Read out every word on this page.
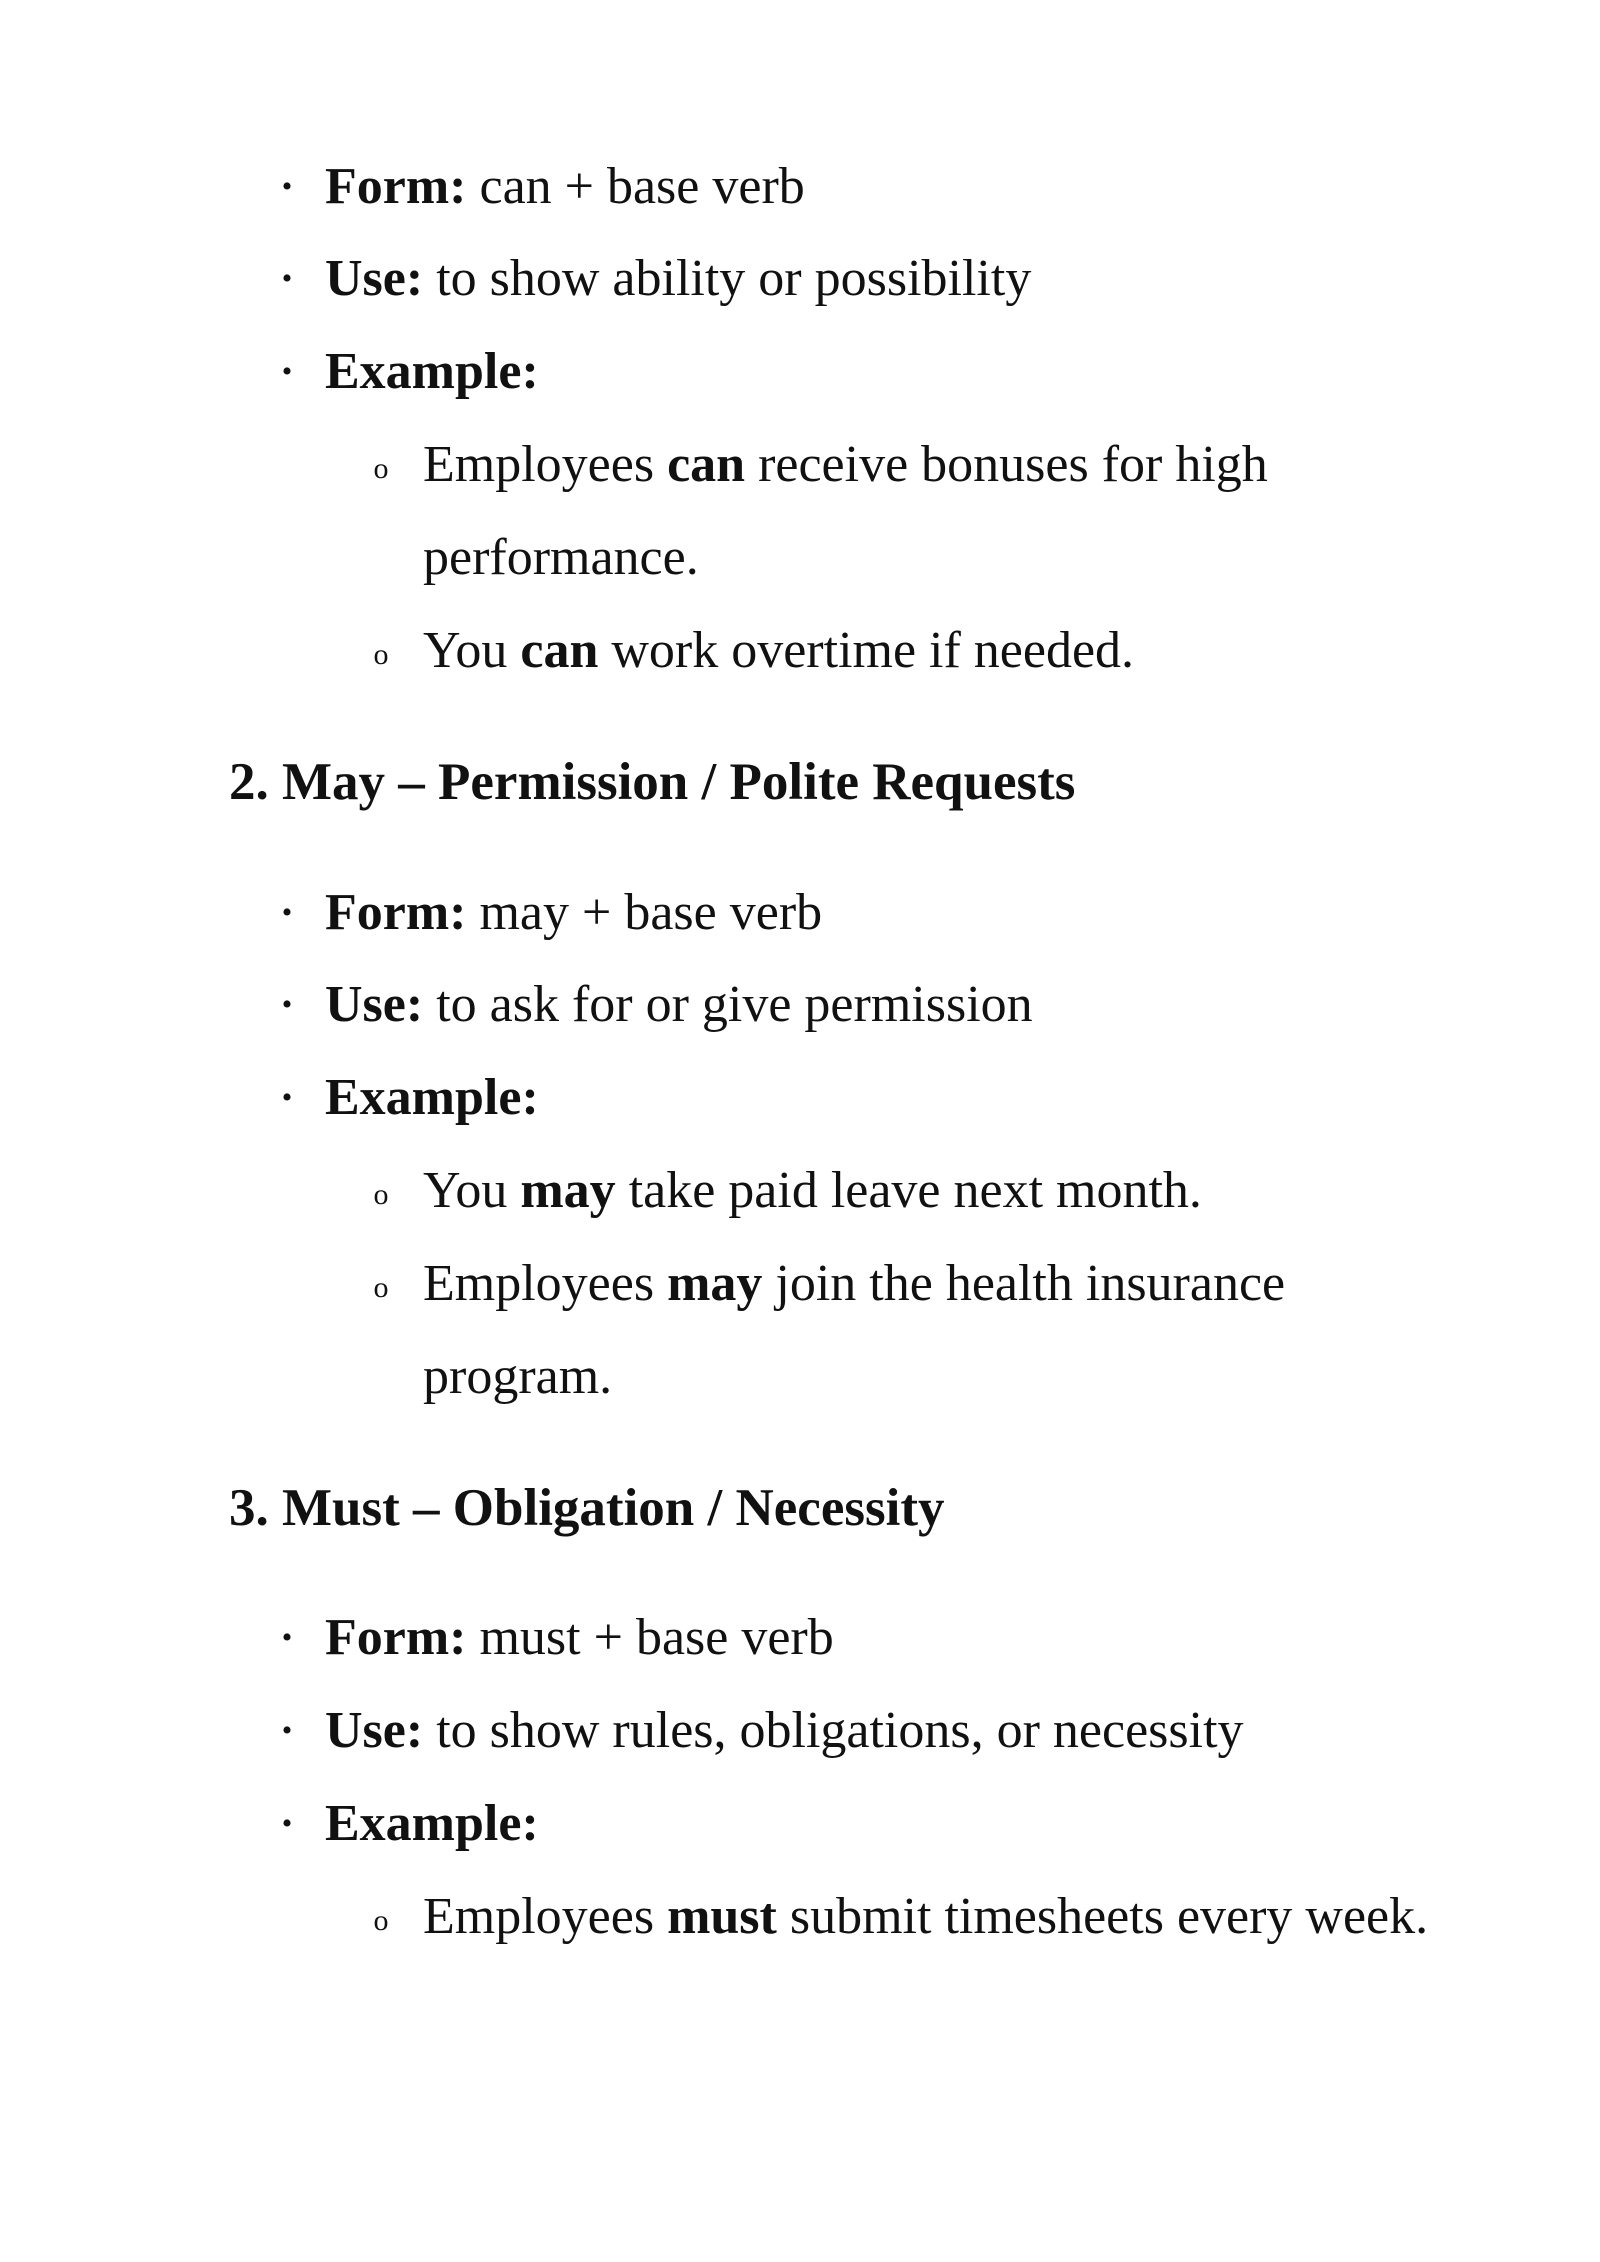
• Form: can + base verb
• Use: to show ability or possibility
• Example:
o Employees can receive bonuses for high performance.
o You can work overtime if needed.
2. May – Permission / Polite Requests
• Form: may + base verb
• Use: to ask for or give permission
• Example:
o You may take paid leave next month.
o Employees may join the health insurance program.
3. Must – Obligation / Necessity
• Form: must + base verb
• Use: to show rules, obligations, or necessity
• Example:
o Employees must submit timesheets every week.
